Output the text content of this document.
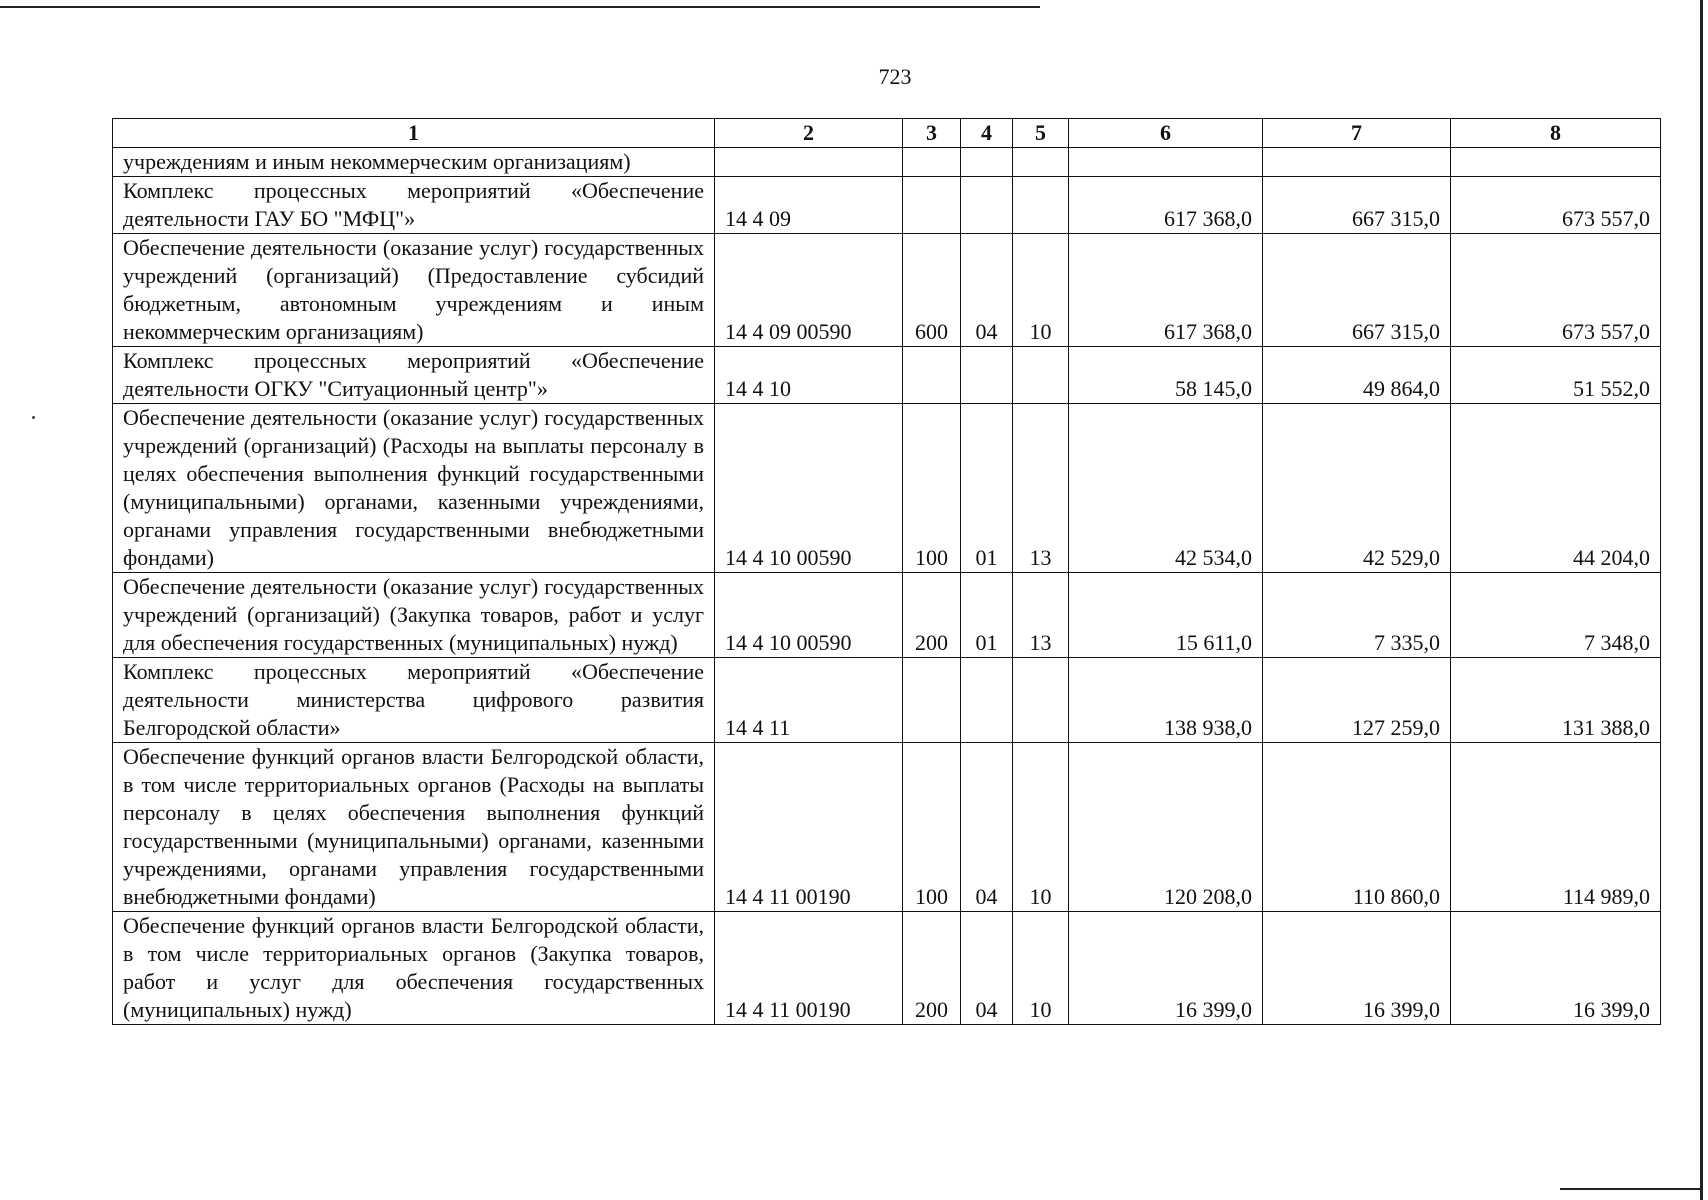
723
1	2	3	4	5	6	7	8
учреждениям и иным некоммерческим организациям)							
Комплекс процессных мероприятий «Обеспечение деятельности ГАУ БО "МФЦ"»	14 4 09				617 368,0	667 315,0	673 557,0
Обеспечение деятельности (оказание услуг) государственных учреждений (организаций) (Предоставление субсидий бюджетным, автономным учреждениям и иным некоммерческим организациям)	14 4 09 00590	600	04	10	617 368,0	667 315,0	673 557,0
Комплекс процессных мероприятий «Обеспечение деятельности ОГКУ "Ситуационный центр"»	14 4 10				58 145,0	49 864,0	51 552,0
Обеспечение деятельности (оказание услуг) государственных учреждений (организаций) (Расходы на выплаты персоналу в целях обеспечения выполнения функций государственными (муниципальными) органами, казенными учреждениями, органами управления государственными внебюджетными фондами)	14 4 10 00590	100	01	13	42 534,0	42 529,0	44 204,0
Обеспечение деятельности (оказание услуг) государственных учреждений (организаций) (Закупка товаров, работ и услуг для обеспечения государственных (муниципальных) нужд)	14 4 10 00590	200	01	13	15 611,0	7 335,0	7 348,0
Комплекс процессных мероприятий «Обеспечение деятельности министерства цифрового развития Белгородской области»	14 4 11				138 938,0	127 259,0	131 388,0
Обеспечение функций органов власти Белгородской области, в том числе территориальных органов (Расходы на выплаты персоналу в целях обеспечения выполнения функций государственными (муниципальными) органами, казенными учреждениями, органами управления государственными внебюджетными фондами)	14 4 11 00190	100	04	10	120 208,0	110 860,0	114 989,0
Обеспечение функций органов власти Белгородской области, в том числе территориальных органов (Закупка товаров, работ и услуг для обеспечения государственных (муниципальных) нужд)	14 4 11 00190	200	04	10	16 399,0	16 399,0	16 399,0
